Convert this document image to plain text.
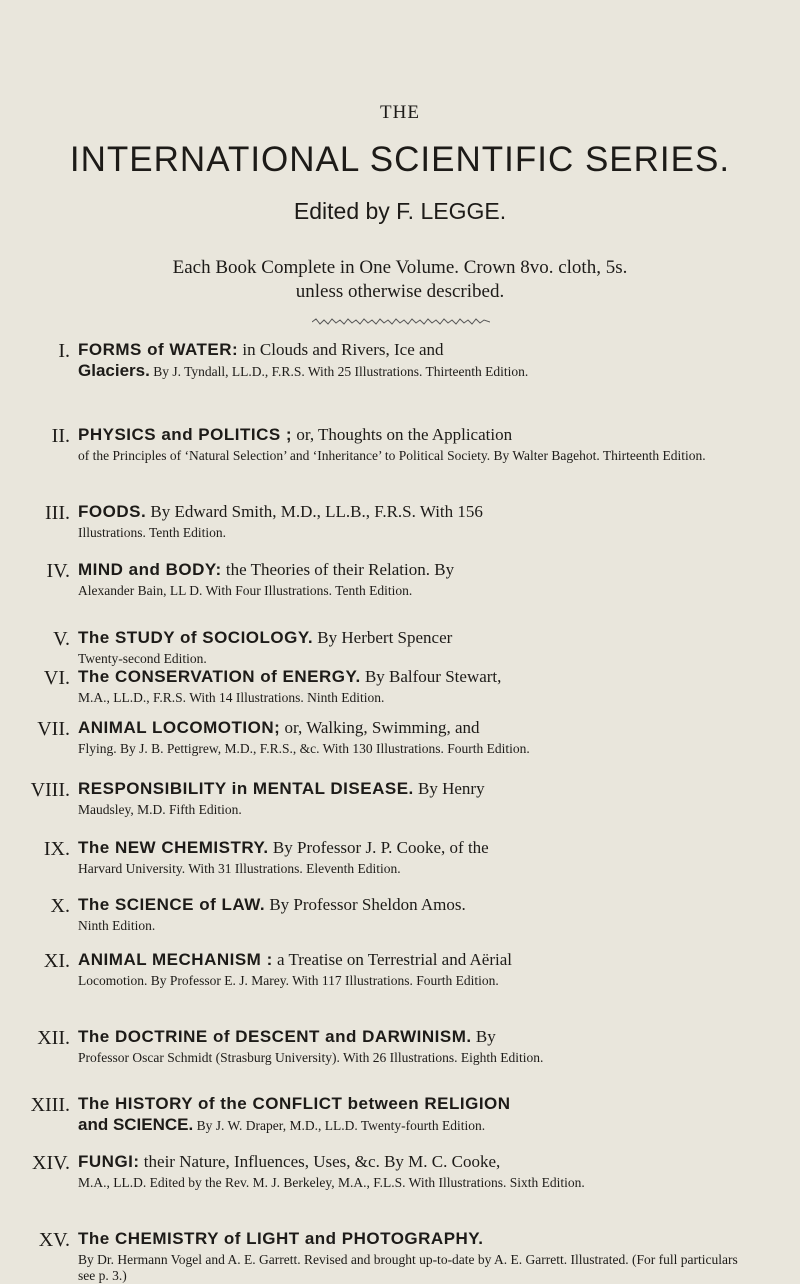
THE
INTERNATIONAL SCIENTIFIC SERIES.
Edited by F. LEGGE.
Each Book Complete in One Volume. Crown 8vo. cloth, 5s.
unless otherwise described.
I. FORMS of WATER: in Clouds and Rivers, Ice and
Glaciers. By J. Tyndall, LL.D., F.R.S. With 25 Illustrations. Thirteenth Edition.
II. PHYSICS and POLITICS ; or, Thoughts on the Application
of the Principles of ‘Natural Selection’ and ‘Inheritance’ to Political Society. By Walter Bagehot. Thirteenth Edition.
III. FOODS. By Edward Smith, M.D., LL.B., F.R.S. With 156
Illustrations. Tenth Edition.
IV. MIND and BODY: the Theories of their Relation. By
Alexander Bain, LL D. With Four Illustrations. Tenth Edition.
V. The STUDY of SOCIOLOGY. By Herbert Spencer
Twenty-second Edition.
VI. The CONSERVATION of ENERGY. By Balfour Stewart,
M.A., LL.D., F.R.S. With 14 Illustrations. Ninth Edition.
VII. ANIMAL LOCOMOTION; or, Walking, Swimming, and
Flying. By J. B. Pettigrew, M.D., F.R.S., &c. With 130 Illustrations. Fourth Edition.
VIII. RESPONSIBILITY in MENTAL DISEASE. By Henry
Maudsley, M.D. Fifth Edition.
IX. The NEW CHEMISTRY. By Professor J. P. Cooke, of the
Harvard University. With 31 Illustrations. Eleventh Edition.
X. The SCIENCE of LAW. By Professor Sheldon Amos.
Ninth Edition.
XI. ANIMAL MECHANISM : a Treatise on Terrestrial and Aërial
Locomotion. By Professor E. J. Marey. With 117 Illustrations. Fourth Edition.
XII. The DOCTRINE of DESCENT and DARWINISM. By
Professor Oscar Schmidt (Strasburg University). With 26 Illustrations. Eighth Edition.
XIII. The HISTORY of the CONFLICT between RELIGION
and SCIENCE. By J. W. Draper, M.D., LL.D. Twenty-fourth Edition.
XIV. FUNGI: their Nature, Influences, Uses, &c. By M. C. Cooke,
M.A., LL.D. Edited by the Rev. M. J. Berkeley, M.A., F.L.S. With Illustrations. Sixth Edition.
XV. The CHEMISTRY of LIGHT and PHOTOGRAPHY.
By Dr. Hermann Vogel and A. E. Garrett. Revised and brought up-to-date by A. E. Garrett. Illustrated. (For full particulars see p. 3.)
